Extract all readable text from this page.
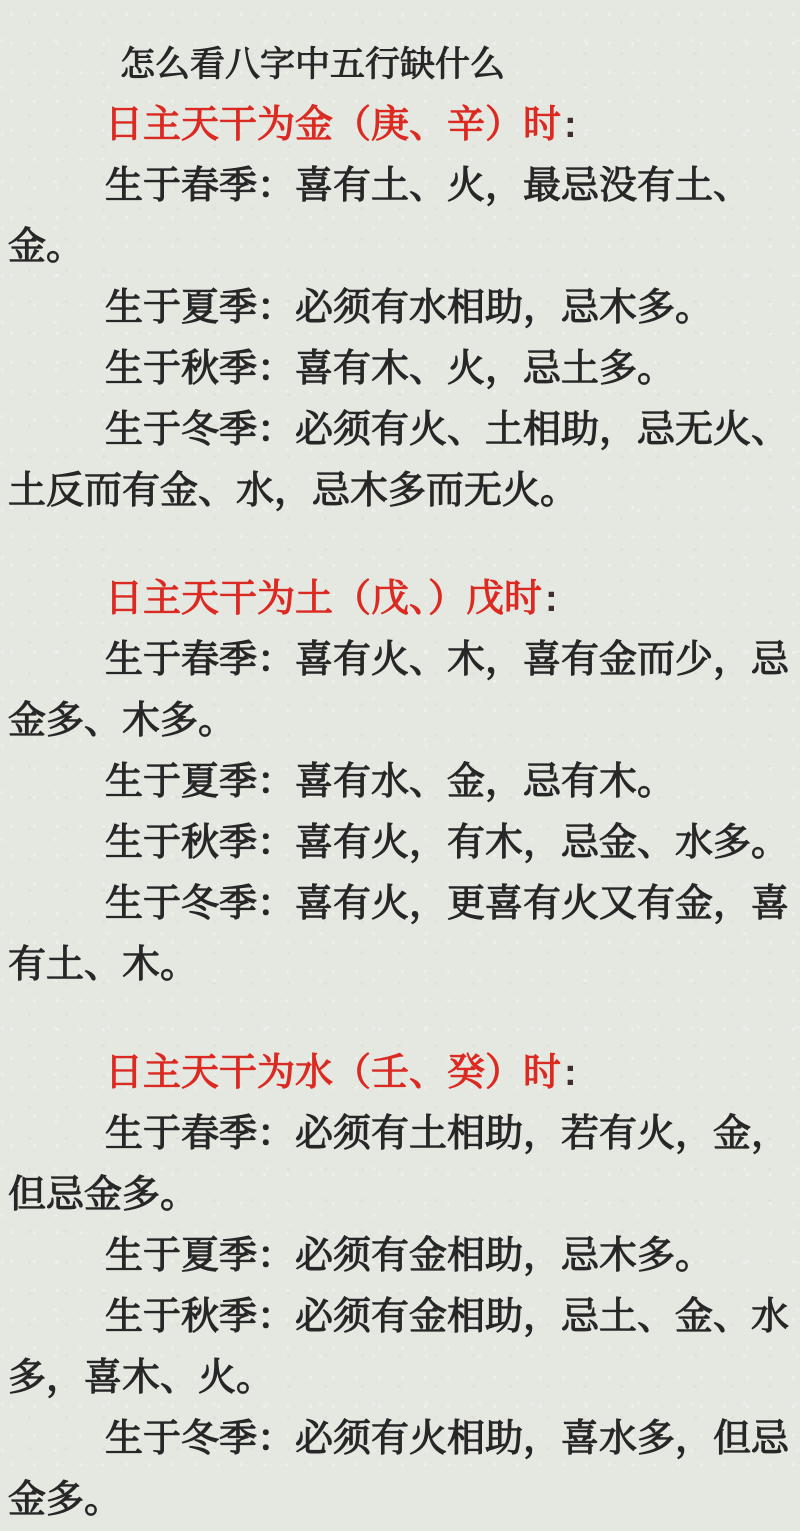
怎么看八字中五行缺什么
日主天干为金（庚、辛）时:
生于春季：喜有土、火，最忌没有土、
金。
生于夏季：必须有水相助，忌木多。
生于秋季：喜有木、火，忌土多。
生于冬季：必须有火、土相助，忌无火、
土反而有金、水，忌木多而无火。
日主天干为土（戊、）戊时:
生于春季：喜有火、木，喜有金而少，忌
金多、木多。
生于夏季：喜有水、金，忌有木。
生于秋季：喜有火，有木，忌金、水多。
生于冬季：喜有火，更喜有火又有金，喜
有土、木。
日主天干为水（壬、癸）时:
生于春季：必须有土相助，若有火，金，
但忌金多。
生于夏季：必须有金相助，忌木多。
生于秋季：必须有金相助，忌土、金、水
多，喜木、火。
生于冬季：必须有火相助，喜水多，但忌
金多。
